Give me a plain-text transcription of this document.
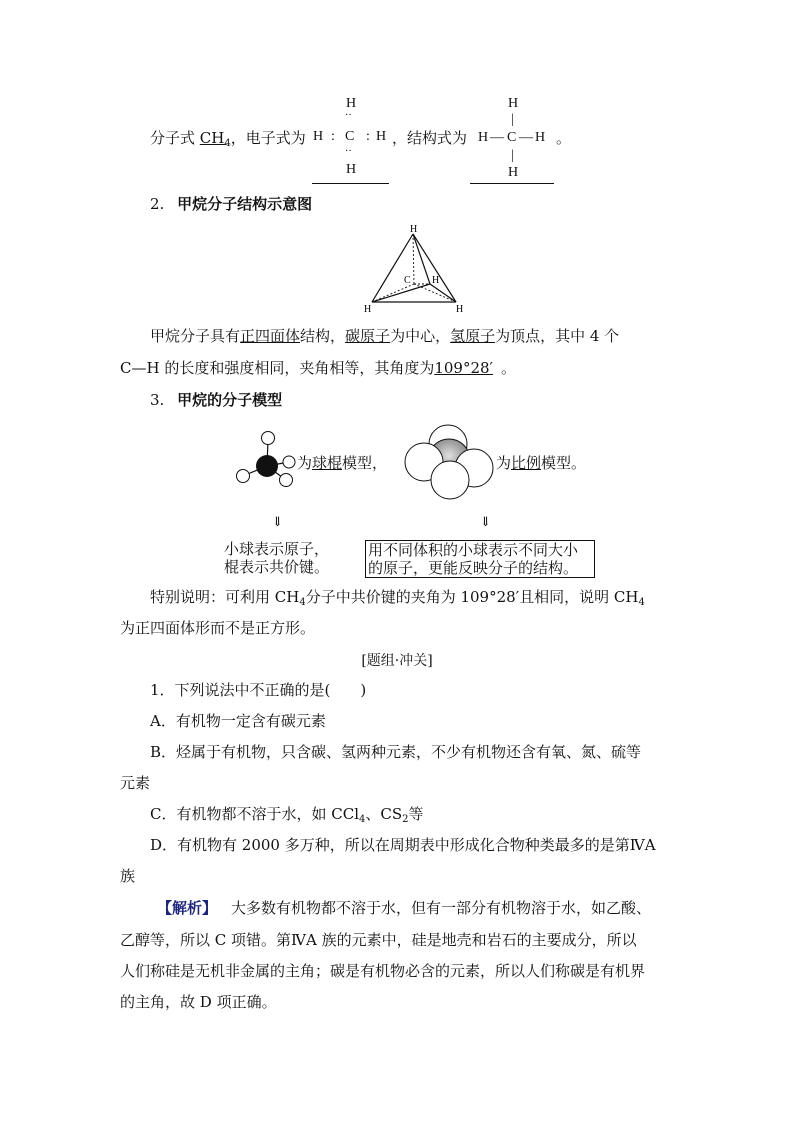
分子式 $CH_4$，电子式为
H
··
H : C : H
··
H
，结构式为
H
|
H — C — H
|
H
。
2. 甲烷分子结构示意图
H
H	H
C H
甲烷分子具有正四面体结构，碳原子为中心，氢原子为顶点，其中 4 个
C—H 的长度和强度相同，夹角相等，其角度为109°28′ 。
3. 甲烷的分子模型
为球棍模型，	为比例模型。
⇓	⇓
小球表示原子，
棍表示共价键。
用不同体积的小球表示不同大小
的原子，更能反映分子的结构。
特别说明：可利用 $CH_4$分子中共价键的夹角为 109°28′且相同，说明 $CH_4$
为正四面体形而不是正方形。
[题组·冲关]
1．下列说法中不正确的是(　　)
A．有机物一定含有碳元素
B．烃属于有机物，只含碳、氢两种元素，不少有机物还含有氧、氮、硫等
元素
C．有机物都不溶于水，如 CCl$_4$、$CS_2$等
D．有机物有 2000 多万种，所以在周期表中形成化合物种类最多的是第ⅣA
族
【解析】 大多数有机物都不溶于水，但有一部分有机物溶于水，如乙酸、
乙醇等，所以 C 项错。第ⅣA 族的元素中，硅是地壳和岩石的主要成分，所以
人们称硅是无机非金属的主角；碳是有机物必含的元素，所以人们称碳是有机界
的主角，故 D 项正确。
